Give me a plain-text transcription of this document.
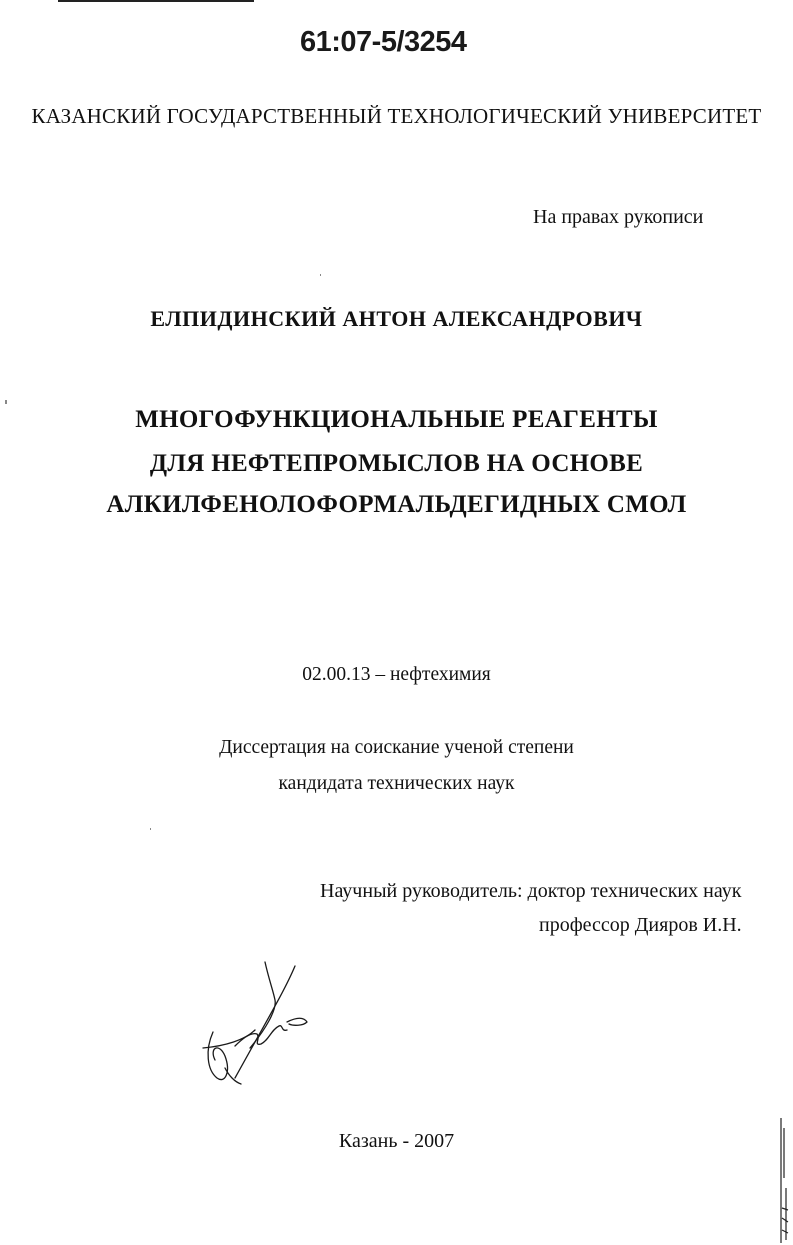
61:07-5/3254
КАЗАНСКИЙ ГОСУДАРСТВЕННЫЙ ТЕХНОЛОГИЧЕСКИЙ УНИВЕРСИТЕТ
На правах рукописи
ЕЛПИДИНСКИЙ АНТОН АЛЕКСАНДРОВИЧ
МНОГОФУНКЦИОНАЛЬНЫЕ РЕАГЕНТЫ
ДЛЯ НЕФТЕПРОМЫСЛОВ НА ОСНОВЕ
АЛКИЛФЕНОЛОФОРМАЛЬДЕГИДНЫХ СМОЛ
02.00.13 – нефтехимия
Диссертация на соискание ученой степени
кандидата технических наук
Научный руководитель: доктор технических наук
профессор Дияров И.Н.
Казань - 2007
